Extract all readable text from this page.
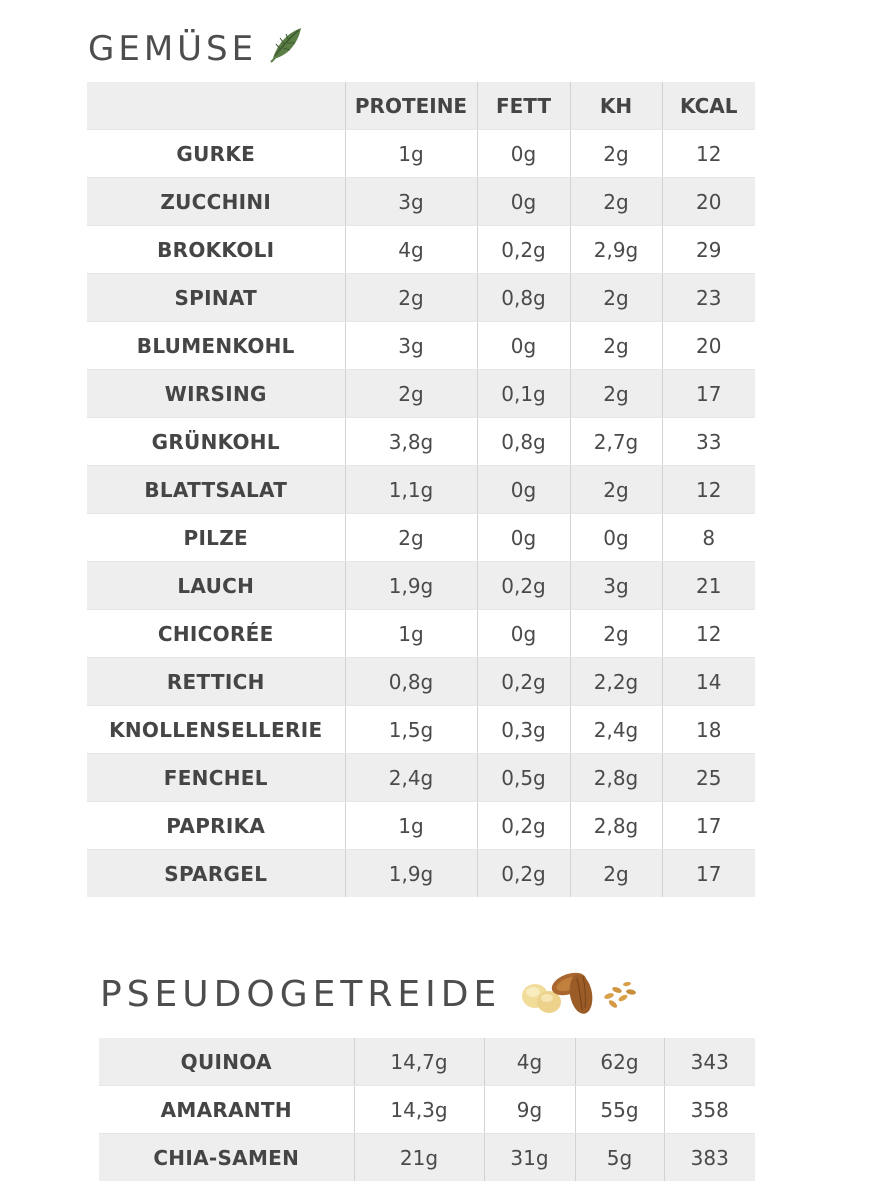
GEMÜSE
	PROTEINE	FETT	KH	KCAL
GURKE	1g	0g	2g	12
ZUCCHINI	3g	0g	2g	20
BROKKOLI	4g	0,2g	2,9g	29
SPINAT	2g	0,8g	2g	23
BLUMENKOHL	3g	0g	2g	20
WIRSING	2g	0,1g	2g	17
GRÜNKOHL	3,8g	0,8g	2,7g	33
BLATTSALAT	1,1g	0g	2g	12
PILZE	2g	0g	0g	8
LAUCH	1,9g	0,2g	3g	21
CHICORÉE	1g	0g	2g	12
RETTICH	0,8g	0,2g	2,2g	14
KNOLLENSELLERIE	1,5g	0,3g	2,4g	18
FENCHEL	2,4g	0,5g	2,8g	25
PAPRIKA	1g	0,2g	2,8g	17
SPARGEL	1,9g	0,2g	2g	17
PSEUDOGETREIDE
QUINOA	14,7g	4g	62g	343
AMARANTH	14,3g	9g	55g	358
CHIA-SAMEN	21g	31g	5g	383
